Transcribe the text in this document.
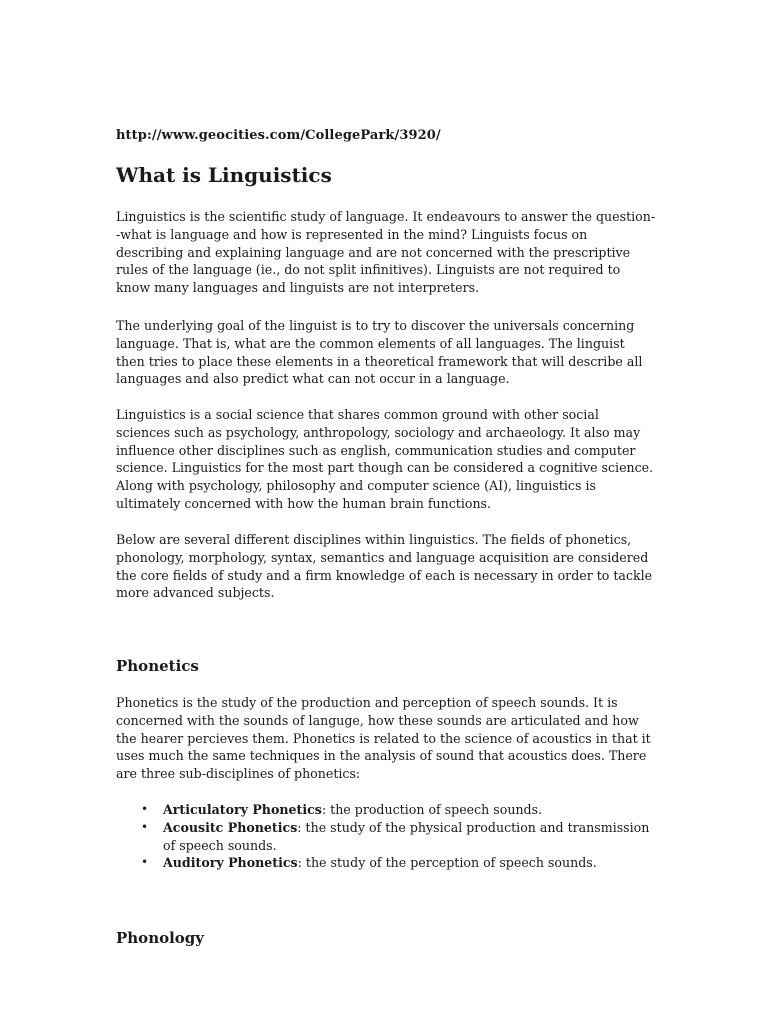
http://www.geocities.com/CollegePark/3920/
What is Linguistics

Linguistics is the scientific study of language. It endeavours to answer the question--what is language and how is represented in the mind? Linguists focus on describing and explaining language and are not concerned with the prescriptive rules of the language (ie., do not split infinitives). Linguists are not required to know many languages and linguists are not interpreters.

The underlying goal of the linguist is to try to discover the universals concerning language. That is, what are the common elements of all languages. The linguist then tries to place these elements in a theoretical framework that will describe all languages and also predict what can not occur in a language.

Linguistics is a social science that shares common ground with other social sciences such as psychology, anthropology, sociology and archaeology. It also may influence other disciplines such as english, communication studies and computer science. Linguistics for the most part though can be considered a cognitive science. Along with psychology, philosophy and computer science (AI), linguistics is ultimately concerned with how the human brain functions.

Below are several different disciplines within linguistics. The fields of phonetics, phonology, morphology, syntax, semantics and language acquisition are considered the core fields of study and a firm knowledge of each is necessary in order to tackle more advanced subjects.

Phonetics

Phonetics is the study of the production and perception of speech sounds. It is concerned with the sounds of languge, how these sounds are articulated and how the hearer percieves them. Phonetics is related to the science of acoustics in that it uses much the same techniques in the analysis of sound that acoustics does. There are three sub-disciplines of phonetics:

• Articulatory Phonetics: the production of speech sounds.
• Acousitc Phonetics: the study of the physical production and transmission of speech sounds.
• Auditory Phonetics: the study of the perception of speech sounds.
Phonology
